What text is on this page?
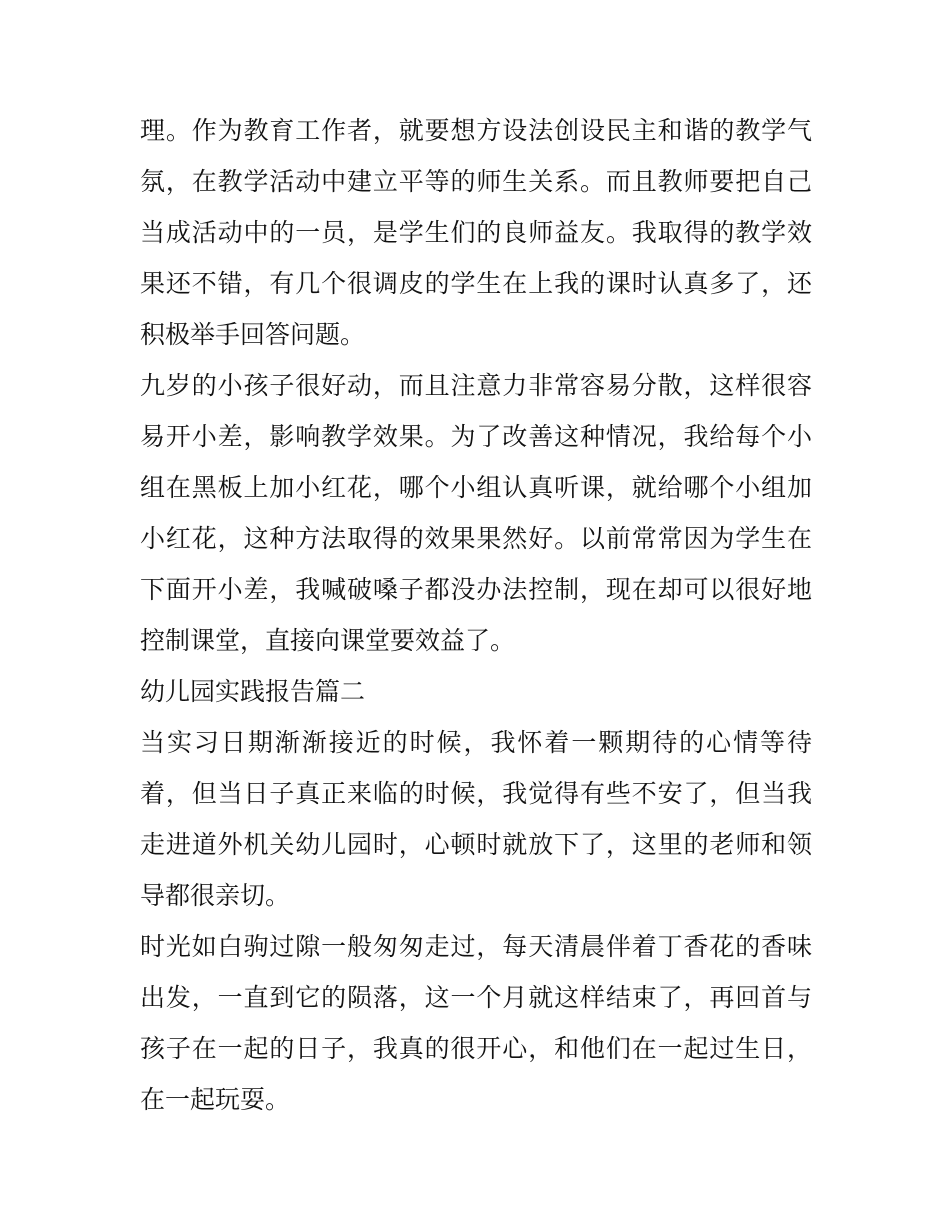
理。作为教育工作者，就要想方设法创设民主和谐的教学气氛，在教学活动中建立平等的师生关系。而且教师要把自己当成活动中的一员，是学生们的良师益友。我取得的教学效果还不错，有几个很调皮的学生在上我的课时认真多了，还积极举手回答问题。

九岁的小孩子很好动，而且注意力非常容易分散，这样很容易开小差，影响教学效果。为了改善这种情况，我给每个小组在黑板上加小红花，哪个小组认真听课，就给哪个小组加小红花，这种方法取得的效果果然好。以前常常因为学生在下面开小差，我喊破嗓子都没办法控制，现在却可以很好地控制课堂，直接向课堂要效益了。

幼儿园实践报告篇二

当实习日期渐渐接近的时候，我怀着一颗期待的心情等待着，但当日子真正来临的时候，我觉得有些不安了，但当我走进道外机关幼儿园时，心顿时就放下了，这里的老师和领导都很亲切。

时光如白驹过隙一般匆匆走过，每天清晨伴着丁香花的香味出发，一直到它的陨落，这一个月就这样结束了，再回首与孩子在一起的日子，我真的很开心，和他们在一起过生日，在一起玩耍。
